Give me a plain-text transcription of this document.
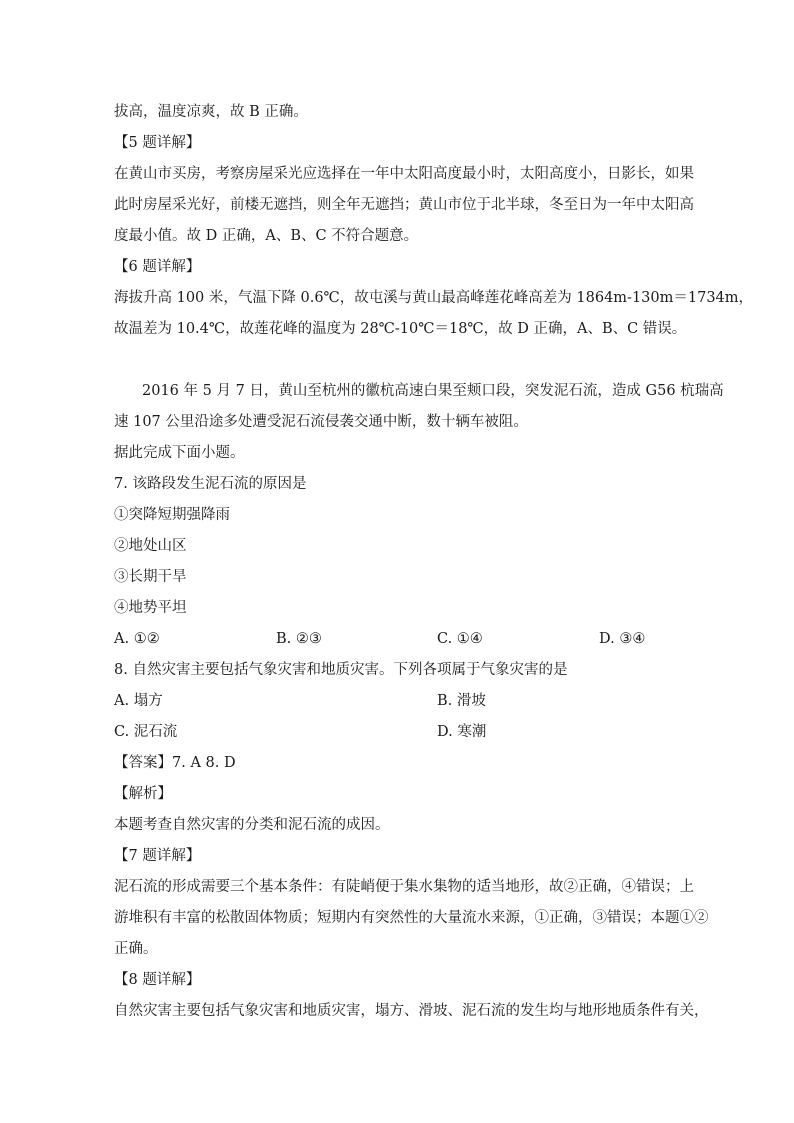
拔高，温度凉爽，故 B 正确。
【5 题详解】
在黄山市买房，考察房屋采光应选择在一年中太阳高度最小时，太阳高度小，日影长，如果
此时房屋采光好，前楼无遮挡，则全年无遮挡；黄山市位于北半球，冬至日为一年中太阳高
度最小值。故 D 正确，A、B、C 不符合题意。
【6 题详解】
海拔升高 100 米，气温下降 0.6℃，故屯溪与黄山最高峰莲花峰高差为 1864m-130m＝1734m，
故温差为 10.4℃，故莲花峰的温度为 28℃-10℃＝18℃，故 D 正确，A、B、C 错误。
2016 年 5 月 7 日，黄山至杭州的徽杭高速白果至颊口段，突发泥石流，造成 G56 杭瑞高
速 107 公里沿途多处遭受泥石流侵袭交通中断，数十辆车被阻。
据此完成下面小题。
7. 该路段发生泥石流的原因是
①突降短期强降雨
②地处山区
③长期干旱
④地势平坦
A. ①②	B. ②③	C. ①④	D. ③④
8. 自然灾害主要包括气象灾害和地质灾害。下列各项属于气象灾害的是
A. 塌方	B. 滑坡
C. 泥石流	D. 寒潮
【答案】7. A 8. D
【解析】
本题考查自然灾害的分类和泥石流的成因。
【7 题详解】
泥石流的形成需要三个基本条件：有陡峭便于集水集物的适当地形，故②正确，④错误；上
游堆积有丰富的松散固体物质；短期内有突然性的大量流水来源，①正确，③错误；本题①②
正确。
【8 题详解】
自然灾害主要包括气象灾害和地质灾害，塌方、滑坡、泥石流的发生均与地形地质条件有关，
